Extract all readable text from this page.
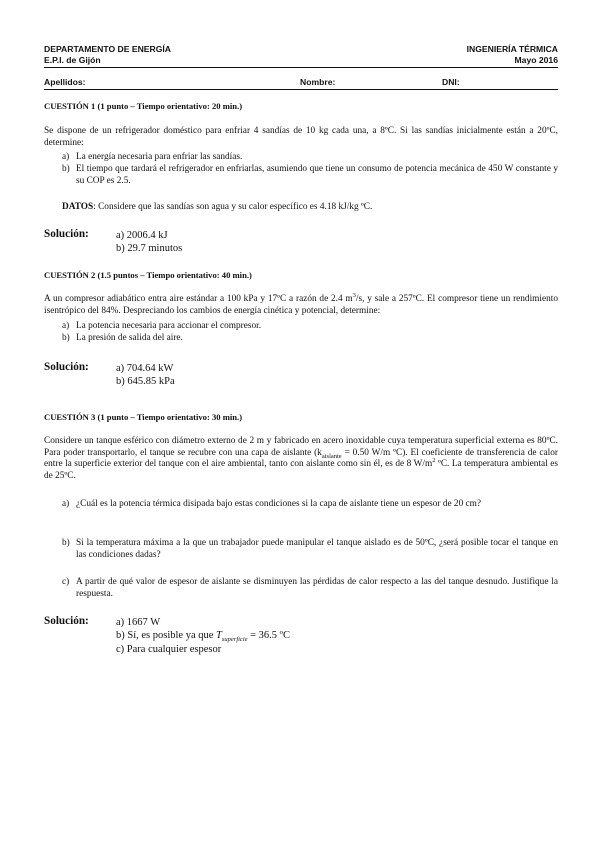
DEPARTAMENTO DE ENERGÍA
E.P.I. de Gijón
INGENIERÍA TÉRMICA
Mayo 2016
Apellidos:	Nombre:	DNI:
CUESTIÓN 1 (1 punto – Tiempo orientativo: 20 min.)
Se dispone de un refrigerador doméstico para enfriar 4 sandías de 10 kg cada una, a 8ºC. Si las sandías inicialmente están a 20ºC, determine:
a) La energía necesaria para enfriar las sandías.
b) El tiempo que tardará el refrigerador en enfriarlas, asumiendo que tiene un consumo de potencia mecánica de 450 W constante y su COP es 2.5.
DATOS: Considere que las sandías son agua y su calor específico es 4.18 kJ/kg ºC.
Solución:	a) 2006.4 kJ
b) 29.7 minutos
CUESTIÓN 2 (1.5 puntos – Tiempo orientativo: 40 min.)
A un compresor adiabático entra aire estándar a 100 kPa y 17ºC a razón de 2.4 $m^3/s$, y sale a 257ºC. El compresor tiene un rendimiento isentrópico del 84%. Despreciando los cambios de energía cinética y potencial, determine:
a) La potencia necesaria para accionar el compresor.
b) La presión de salida del aire.
Solución:	a) 704.64 kW
b) 645.85 kPa
CUESTIÓN 3 (1 punto – Tiempo orientativo: 30 min.)
Considere un tanque esférico con diámetro externo de 2 m y fabricado en acero inoxidable cuya temperatura superficial externa es 80ºC. Para poder transportarlo, el tanque se recubre con una capa de aislante ($k_{aislante} = 0.50$ W/m ºC). El coeficiente de transferencia de calor entre la superficie exterior del tanque con el aire ambiental, tanto con aislante como sin él, es de 8 $W/m^2$ ºC. La temperatura ambiental es de 25ºC.
a) ¿Cuál es la potencia térmica disipada bajo estas condiciones si la capa de aislante tiene un espesor de 20 cm?
b) Si la temperatura máxima a la que un trabajador puede manipular el tanque aislado es de 50ºC, ¿será posible tocar el tanque en las condiciones dadas?
c) A partir de qué valor de espesor de aislante se disminuyen las pérdidas de calor respecto a las del tanque desnudo. Justifique la respuesta.
Solución:	a) 1667 W
b) Sí, es posible ya que $T_{superficie} = 36.5$ ºC
c) Para cualquier espesor
